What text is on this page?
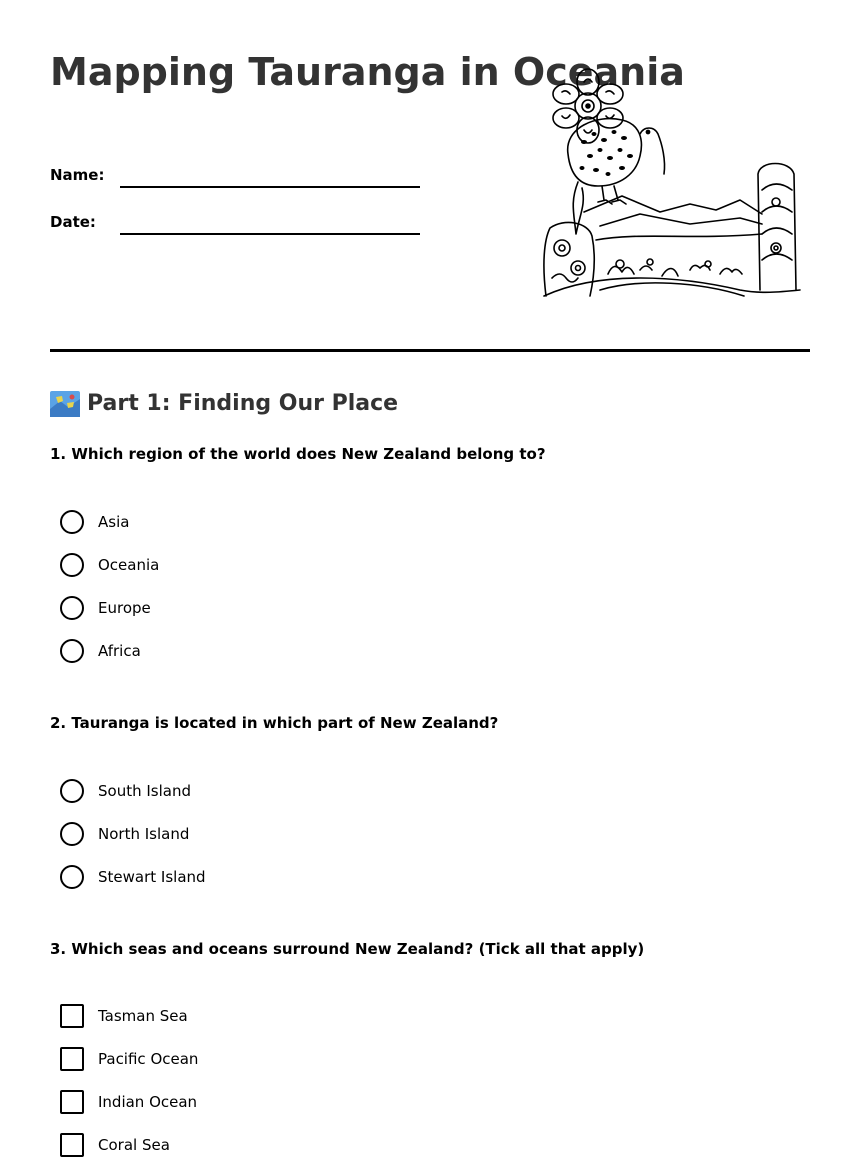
Mapping Tauranga in Oceania
Name:
Date:
Part 1: Finding Our Place

1. Which region of the world does New Zealand belong to?

Asia
Oceania
Europe
Africa

2. Tauranga is located in which part of New Zealand?

South Island
North Island
Stewart Island

3. Which seas and oceans surround New Zealand? (Tick all that apply)

Tasman Sea
Pacific Ocean
Indian Ocean
Coral Sea
